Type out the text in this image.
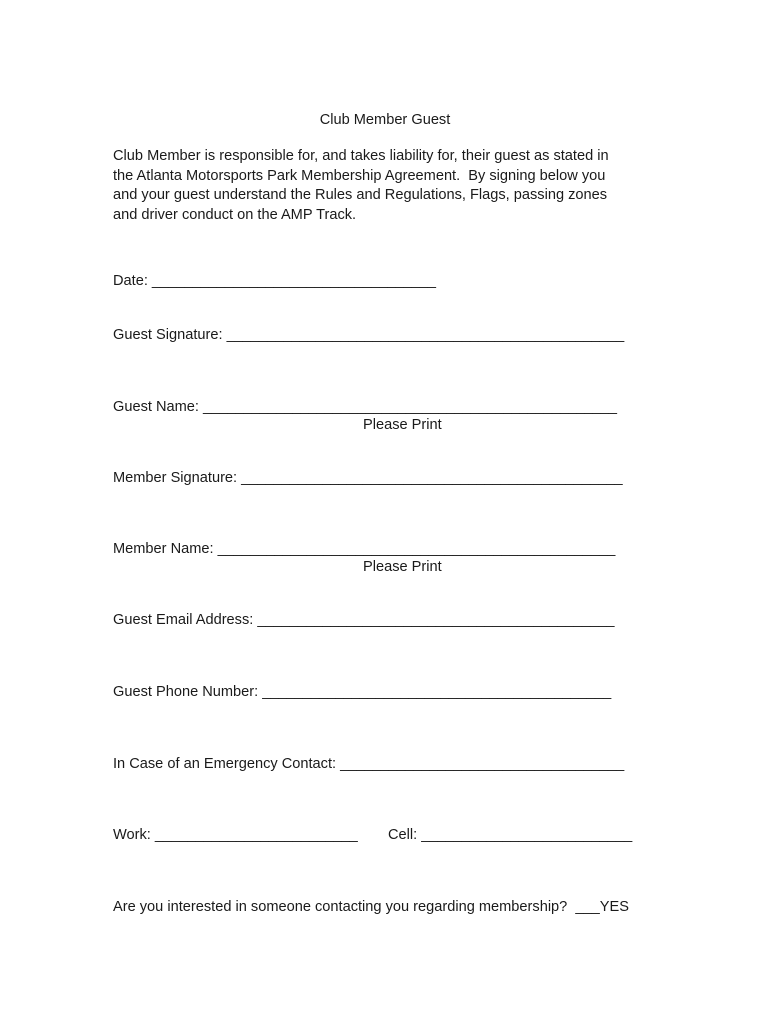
Club Member Guest
Club Member is responsible for, and takes liability for, their guest as stated in
the Atlanta Motorsports Park Membership Agreement.  By signing below you
and your guest understand the Rules and Regulations, Flags, passing zones
and driver conduct on the AMP Track.
Date: ___________________________________
Guest Signature: _________________________________________________
Guest Name: ___________________________________________________
Please Print
Member Signature: _______________________________________________
Member Name: _________________________________________________
Please Print
Guest Email Address: ____________________________________________
Guest Phone Number: ___________________________________________
In Case of an Emergency Contact: ___________________________________
Work: _________________________ Cell: __________________________
Are you interested in someone contacting you regarding membership?  ___YES
